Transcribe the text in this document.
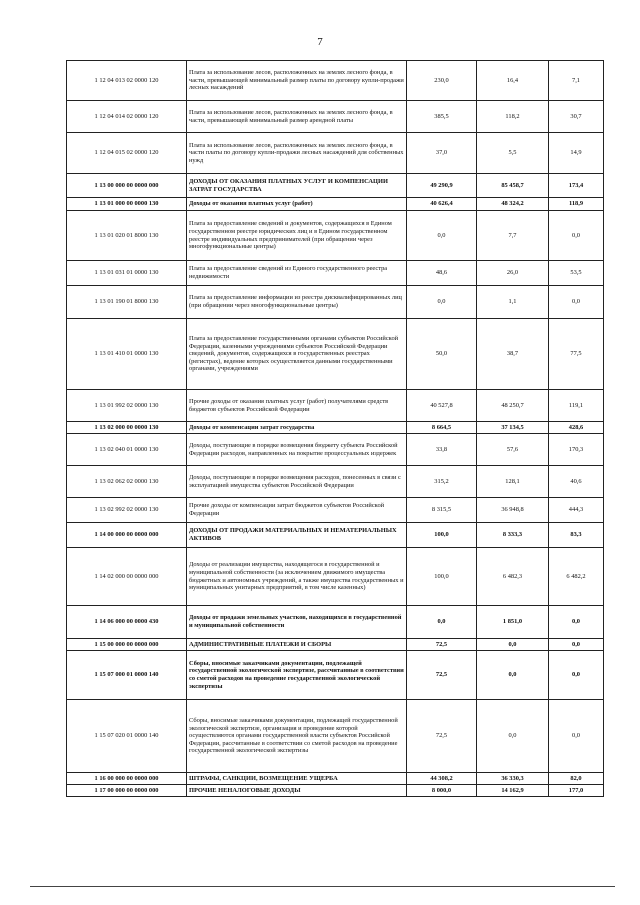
7
1 12 04 013 02 0000 120	Плата за использование лесов, расположенных на землях лесного фонда, в части, превышающей минимальный размер платы по договору купли-продажи лесных насаждений	230,0	16,4	7,1
1 12 04 014 02 0000 120	Плата за использование лесов, расположенных на землях лесного фонда, в части, превышающей минимальный размер арендной платы	385,5	118,2	30,7
1 12 04 015 02 0000 120	Плата за использование лесов, расположенных на землях лесного фонда, в части платы по договору купли-продажи лесных насаждений для собственных нужд	37,0	5,5	14,9
1 13 00 000 00 0000 000	ДОХОДЫ ОТ ОКАЗАНИЯ ПЛАТНЫХ УСЛУГ И КОМПЕНСАЦИИ ЗАТРАТ ГОСУДАРСТВА	49 290,9	85 458,7	173,4
1 13 01 000 00 0000 130	Доходы от оказания платных услуг (работ)	40 626,4	48 324,2	118,9
1 13 01 020 01 8000 130	Плата за предоставление сведений и документов, содержащихся в Едином государственном реестре юридических лиц и в Едином государственном реестре индивидуальных предпринимателей (при обращении через многофункциональные центры)	0,0	7,7	0,0
1 13 01 031 01 0000 130	Плата за предоставление сведений из Единого государственного реестра недвижимости	48,6	26,0	53,5
1 13 01 190 01 8000 130	Плата за предоставление информации из реестра дисквалифицированных лиц (при обращении через многофункциональные центры)	0,0	1,1	0,0
1 13 01 410 01 0000 130	Плата за предоставление государственными органами субъектов Российской Федерации, казенными учреждениями субъектов Российской Федерации сведений, документов, содержащихся в государственных реестрах (регистрах), ведение которых осуществляется данными государственными органами, учреждениями	50,0	38,7	77,5
1 13 01 992 02 0000 130	Прочие доходы от оказания платных услуг (работ) получателями средств бюджетов субъектов Российской Федерации	40 527,8	48 250,7	119,1
1 13 02 000 00 0000 130	Доходы от компенсации затрат государства	8 664,5	37 134,5	428,6
1 13 02 040 01 0000 130	Доходы, поступающие в порядке возмещения бюджету субъекта Российской Федерации расходов, направленных на покрытие процессуальных издержек	33,8	57,6	170,3
1 13 02 062 02 0000 130	Доходы, поступающие в порядке возмещения расходов, понесенных в связи с эксплуатацией имущества субъектов Российской Федерации	315,2	128,1	40,6
1 13 02 992 02 0000 130	Прочие доходы от компенсации затрат бюджетов субъектов Российской Федерации	8 315,5	36 948,8	444,3
1 14 00 000 00 0000 000	ДОХОДЫ ОТ ПРОДАЖИ МАТЕРИАЛЬНЫХ И НЕМАТЕРИАЛЬНЫХ АКТИВОВ	100,0	8 333,3	83,3
1 14 02 000 00 0000 000	Доходы от реализации имущества, находящегося в государственной и муниципальной собственности (за исключением движимого имущества бюджетных и автономных учреждений, а также имущества государственных и муниципальных унитарных предприятий, в том числе казенных)	100,0	6 482,3	6 482,2
1 14 06 000 00 0000 430	Доходы от продажи земельных участков, находящихся в государственной и муниципальной собственности	0,0	1 851,0	0,0
1 15 00 000 00 0000 000	АДМИНИСТРАТИВНЫЕ ПЛАТЕЖИ И СБОРЫ	72,5	0,0	0,0
1 15 07 000 01 0000 140	Сборы, вносимые заказчиками документации, подлежащей государственной экологической экспертизе, рассчитанные в соответствии со сметой расходов на проведение государственной экологической экспертизы	72,5	0,0	0,0
1 15 07 020 01 0000 140	Сборы, вносимые заказчиками документации, подлежащей государственной экологической экспертизе, организация и проведение которой осуществляются органами государственной власти субъектов Российской Федерации, рассчитанные в соответствии со сметой расходов на проведение государственной экологической экспертизы	72,5	0,0	0,0
1 16 00 000 00 0000 000	ШТРАФЫ, САНКЦИИ, ВОЗМЕЩЕНИЕ УЩЕРБА	44 308,2	36 330,3	82,0
1 17 00 000 00 0000 000	ПРОЧИЕ НЕНАЛОГОВЫЕ ДОХОДЫ	8 000,0	14 162,9	177,0
